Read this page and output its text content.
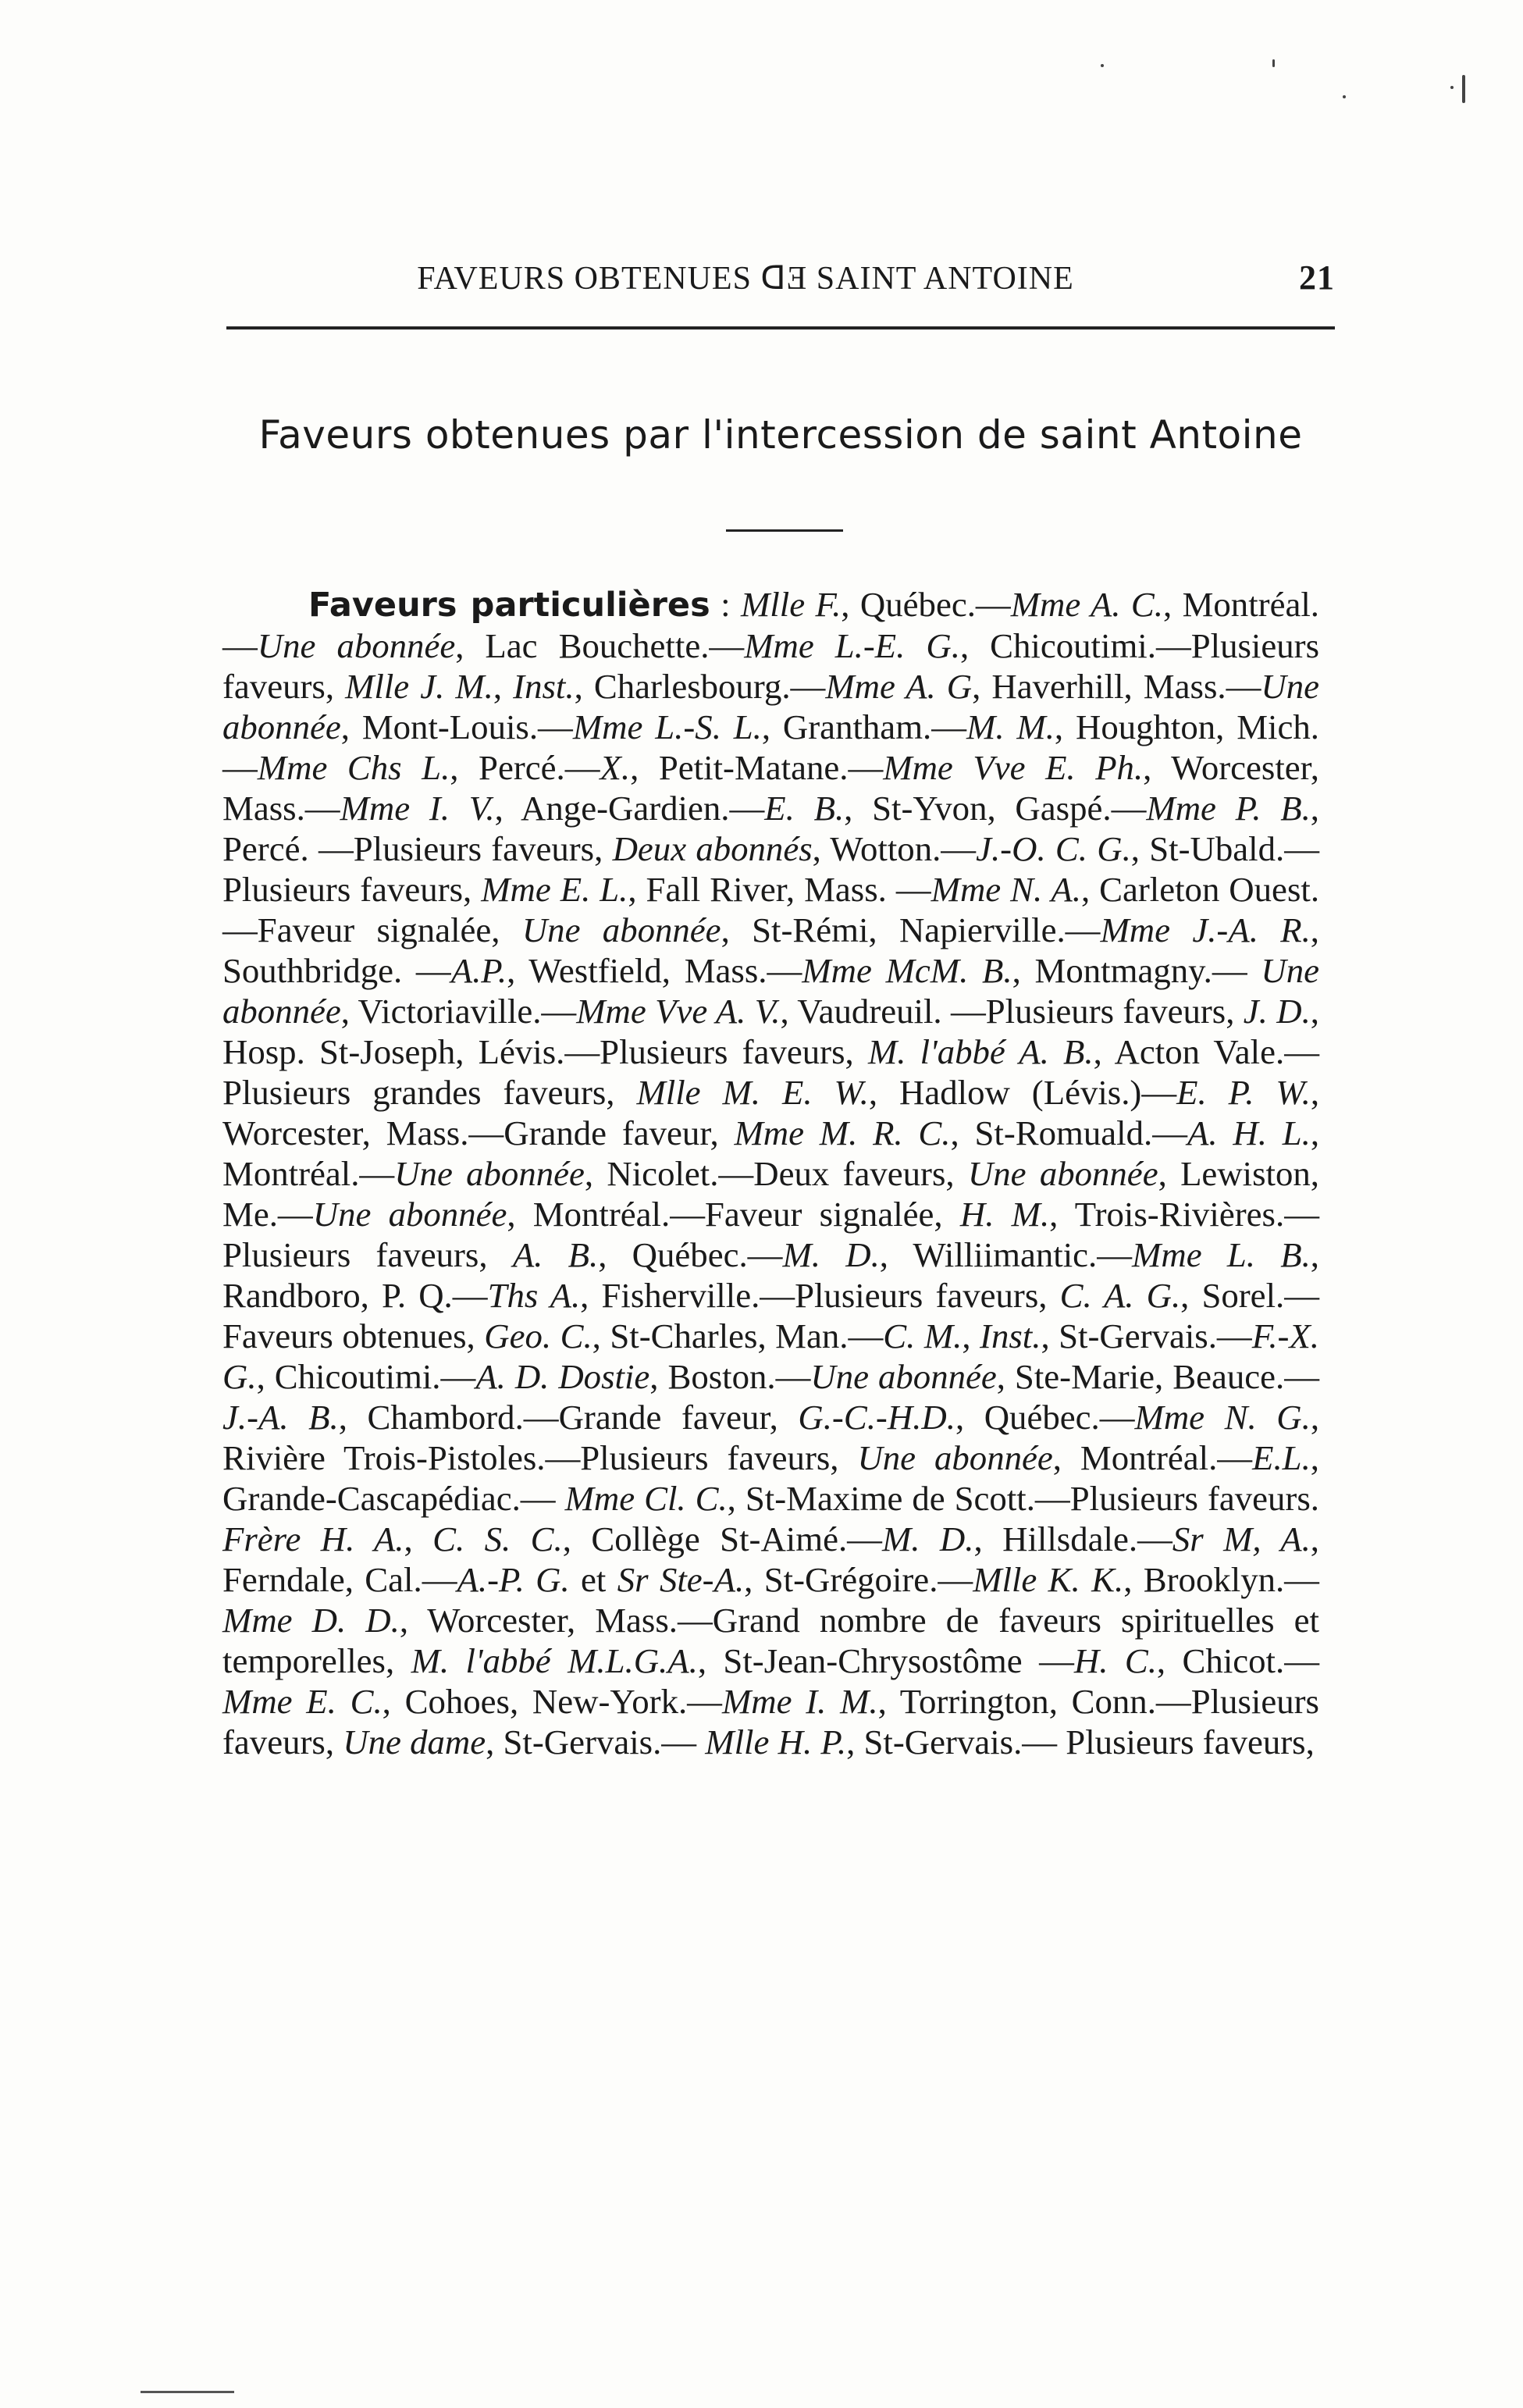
FAVEURS OBTENUES ᗡƎ SAINT ANTOINE	21
Faveurs obtenues par l'intercession de saint Antoine
Faveurs particulières : Mlle F., Québec.—Mme A. C., Montréal.—Une abonnée, Lac Bouchette.—Mme L.-E. G., Chicoutimi.—Plusieurs faveurs, Mlle J. M., Inst., Charlesbourg.—Mme A. G, Haverhill, Mass.—Une abonnée, Mont-Louis.—Mme L.-S. L., Grantham.—M. M., Houghton, Mich.—Mme Chs L., Percé.—X., Petit-Matane.—Mme Vve E. Ph., Worcester, Mass.—Mme I. V., Ange-Gardien.—E. B., St-Yvon, Gaspé.—Mme P. B., Percé. —Plusieurs faveurs, Deux abonnés, Wotton.—J.-O. C. G., St-Ubald.—Plusieurs faveurs, Mme E. L., Fall River, Mass. —Mme N. A., Carleton Ouest.—Faveur signalée, Une abonnée, St-Rémi, Napierville.—Mme J.-A. R., Southbridge. —A.P., Westfield, Mass.—Mme McM. B., Montmagny.— Une abonnée, Victoriaville.—Mme Vve A. V., Vaudreuil. —Plusieurs faveurs, J. D., Hosp. St-Joseph, Lévis.—Plusieurs faveurs, M. l'abbé A. B., Acton Vale.—Plusieurs grandes faveurs, Mlle M. E. W., Hadlow (Lévis.)—E. P. W., Worcester, Mass.—Grande faveur, Mme M. R. C., St-Romuald.—A. H. L., Montréal.—Une abonnée, Nicolet.—Deux faveurs, Une abonnée, Lewiston, Me.—Une abonnée, Montréal.—Faveur signalée, H. M., Trois-Rivières.—Plusieurs faveurs, A. B., Québec.—M. D., Williimantic.—Mme L. B., Randboro, P. Q.—Ths A., Fisherville.—Plusieurs faveurs, C. A. G., Sorel.—Faveurs obtenues, Geo. C., St-Charles, Man.—C. M., Inst., St-Gervais.—F.-X. G., Chicoutimi.—A. D. Dostie, Boston.—Une abonnée, Ste-Marie, Beauce.—J.-A. B., Chambord.—Grande faveur, G.-C.-H.D., Québec.—Mme N. G., Rivière Trois-Pistoles.—Plusieurs faveurs, Une abonnée, Montréal.—E.L., Grande-Cascapédiac.— Mme Cl. C., St-Maxime de Scott.—Plusieurs faveurs. Frère H. A., C. S. C., Collège St-Aimé.—M. D., Hillsdale.—Sr M, A., Ferndale, Cal.—A.-P. G. et Sr Ste-A., St-Grégoire.—Mlle K. K., Brooklyn.—Mme D. D., Worcester, Mass.—Grand nombre de faveurs spirituelles et temporelles, M. l'abbé M.L.G.A., St-Jean-Chrysostôme —H. C., Chicot.—Mme E. C., Cohoes, New-York.—Mme I. M., Torrington, Conn.—Plusieurs faveurs, Une dame, St-Gervais.— Mlle H. P., St-Gervais.— Plusieurs faveurs,
